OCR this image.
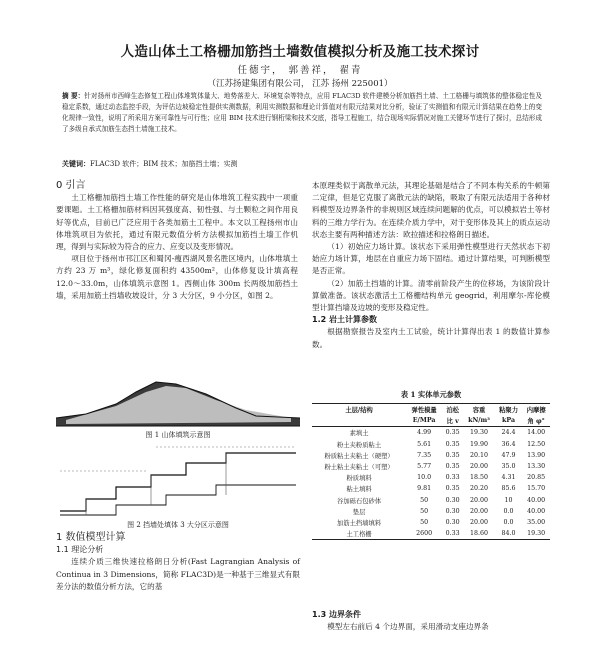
人造山体土工格栅加筋挡土墙数值模拟分析及施工技术探讨
任德宇， 郭善祥， 翟青
（江苏扬建集团有限公司， 江苏 扬州 225001）
摘 要：针对扬州市西峰生态修复工程山体堆筑体量大、地势落差大、环境复杂等特点，应用 FLAC3D 软件建模分析加筋挡土墙、土工格栅与填筑体的整体稳定性及稳定系数，通过动态监控手段，为评估边坡稳定性提供实测数据，利用实测数据和理论计算值对有限元结果对比分析，验证了实测值和有限元计算结果在趋势上的变化规律一致性，说明了所采用方案可靠性与可行性；应用 BIM 技术进行钢桁梁和技术交底，指导工程施工，结合现场实际情况对施工关键环节进行了探讨，总结形成了多级自承式加筋生态挡土墙施工技术。
关键词：FLAC3D 软件；BIM 技术；加筋挡土墙；实测

0 引言

土工格栅加筋挡土墙工作性能的研究是山体堆筑工程实践中一项重要课题。土工格栅加筋材料因其强度高、韧性强、与土颗粒之间作用良好等优点，目前已广泛应用于各类加筋土工程中。本文以工程扬州市山体堆筑项目为依托，通过有限元数值分析方法模拟加筋挡土墙工作机理，得到与实际较为符合的应力、应变以及变形情况。

项目位于扬州市邗江区和蜀冈-瘦西湖风景名胜区境内，山体堆填土方约 23 万 m³，绿化修复面积约 43500m²，山体修复设计填高程 12.0～33.0m，山体填筑示意图 1。西侧山体 300m 长两级加筋挡土墙，采用加筋土挡墙收坡设计，分 3 大分区，9 小分区，如图 2。

图 1 山体填筑示意图
图 2 挡墙处填体 3 大分区示意图

1 数值模型计算

1.1 理论分析

连续介质三维快速拉格朗日分析(Fast Lagrangian Analysis of Continua in 3 Dimensions，简称 FLAC3D)是一种基于三维显式有限差分法的数值分析方法，它的基

本原理类似于离散单元法，其理论基础是结合了不同本构关系的牛顿第二定律，但是它克服了离散元法的缺陷，吸取了有限元法适用于各种材料模型及边界条件的非规则区域连续问题解的优点，可以模拟岩土等材料的三维力学行为。在连续介质力学中，对于变形体及其上的质点运动状态主要有两种描述方法：欧拉描述和拉格朗日描述。

（1）初始应力场计算。该状态下采用弹性模型进行天然状态下初始应力场计算，地层在自重应力场下固结。通过计算结果，可判断模型是否正常。

（2）加筋土挡墙的计算。清零前阶段产生的位移场，为该阶段计算做准备。该状态激活土工格栅结构单元 geogrid，利用摩尔-库伦模型计算挡墙及边坡的变形及稳定性。

1.2 岩土计算参数

根据勘察报告及室内土工试验，统计计算得出表 1 的数值计算参数。

表 1 实体单元参数
土层/结构	弹性模量	泊松	容重	粘聚力	内摩擦
	E/MPa	比 v	kN/m³	kPa	角 φ°
素填土	4.99	0.35	19.30	24.4	14.00
粉土夹粉质粘土	5.61	0.35	19.90	36.4	12.50
粉质粘土夹粘土（硬塑）	7.35	0.35	20.10	47.9	13.90
粉土粘土夹粘土（可塑）	5.77	0.35	20.00	35.0	13.30
粉质填料	10.0	0.33	18.50	4.31	20.85
粘土填料	9.81	0.35	20.20	85.6	15.70
谷加砾石包砂体	50	0.30	20.00	10	40.00
垫层	50	0.30	20.00	0.0	40.00
加筋土挡墙填料	50	0.30	20.00	0.0	35.00
土工格栅	2600	0.33	18.60	84.0	19.30

1.3 边界条件

模型左右前后 4 个边界面，采用滑动支座边界条
